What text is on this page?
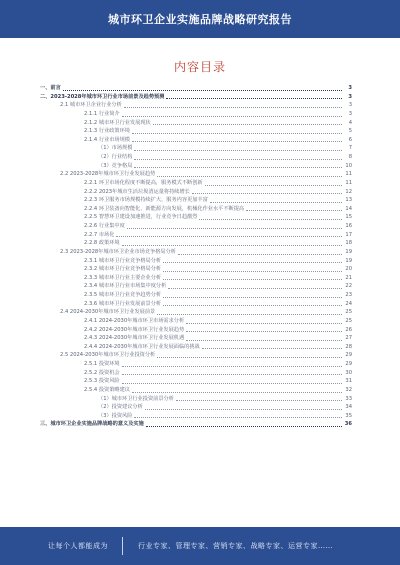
城市环卫企业实施品牌战略研究报告
内容目录
一、前言	3
二、2023-2028年城市环卫行业市场前景及趋势预测	3
2.1 城市环卫企业行业分析	3
2.1.1 行业简介	3
2.1.2 城市环卫行业发展现状	4
2.1.3 行业政策环境	5
2.1.4 行业市场规模	6
（1）市场规模	7
（2）行业结构	8
（3）竞争格局	10
2.2 2023-2028年城市环卫行业发展趋势	11
2.2.1 环卫市场化程度不断提高，服务模式不断创新	11
2.2.2 2023年城市生活垃圾清运量将持续增长	12
2.2.3 环卫服务市场规模持续扩大，服务内容更加丰富	13
2.2.4 环卫装备向智能化、新能源方向发展，机械化作业水平不断提高	14
2.2.5 智慧环卫建设加速推进，行业竞争日趋激烈	15
2.2.6 行业集中度	16
2.2.7 市场化	17
2.2.8 政策环境	18
2.3 2023-2028年城市环卫企业市场竞争格局分析	19
2.3.1 城市环卫行业竞争格局分析	19
2.3.2 城市环卫行业竞争格局分析	20
2.3.3 城市环卫行业主要企业分析	21
2.3.4 城市环卫行业市场集中度分析	22
2.3.5 城市环卫行业竞争趋势分析	23
2.3.6 城市环卫行业发展前景分析	24
2.4 2024-2030年城市环卫行业发展前景	25
2.4.1 2024-2030年城市环卫市场需求分析	25
2.4.2 2024-2030年城市环卫行业发展趋势	26
2.4.3 2024-2030年城市环卫行业发展机遇	27
2.4.4 2024-2030年城市环卫行业发展面临的挑战	28
2.5 2024-2030年城市环卫行业投资分析	29
2.5.1 投资环境	29
2.5.2 投资机会	30
2.5.3 投资风险	31
2.5.4 投资策略建议	32
（1）城市环卫行业投资前景分析	33
（2）投资建议分析	34
（3）投资风险	35
三、城市环卫企业实施品牌战略的意义及实施	36
让每个人都能成为	行业专家、管理专家、营销专家、战略专家、运营专家……
